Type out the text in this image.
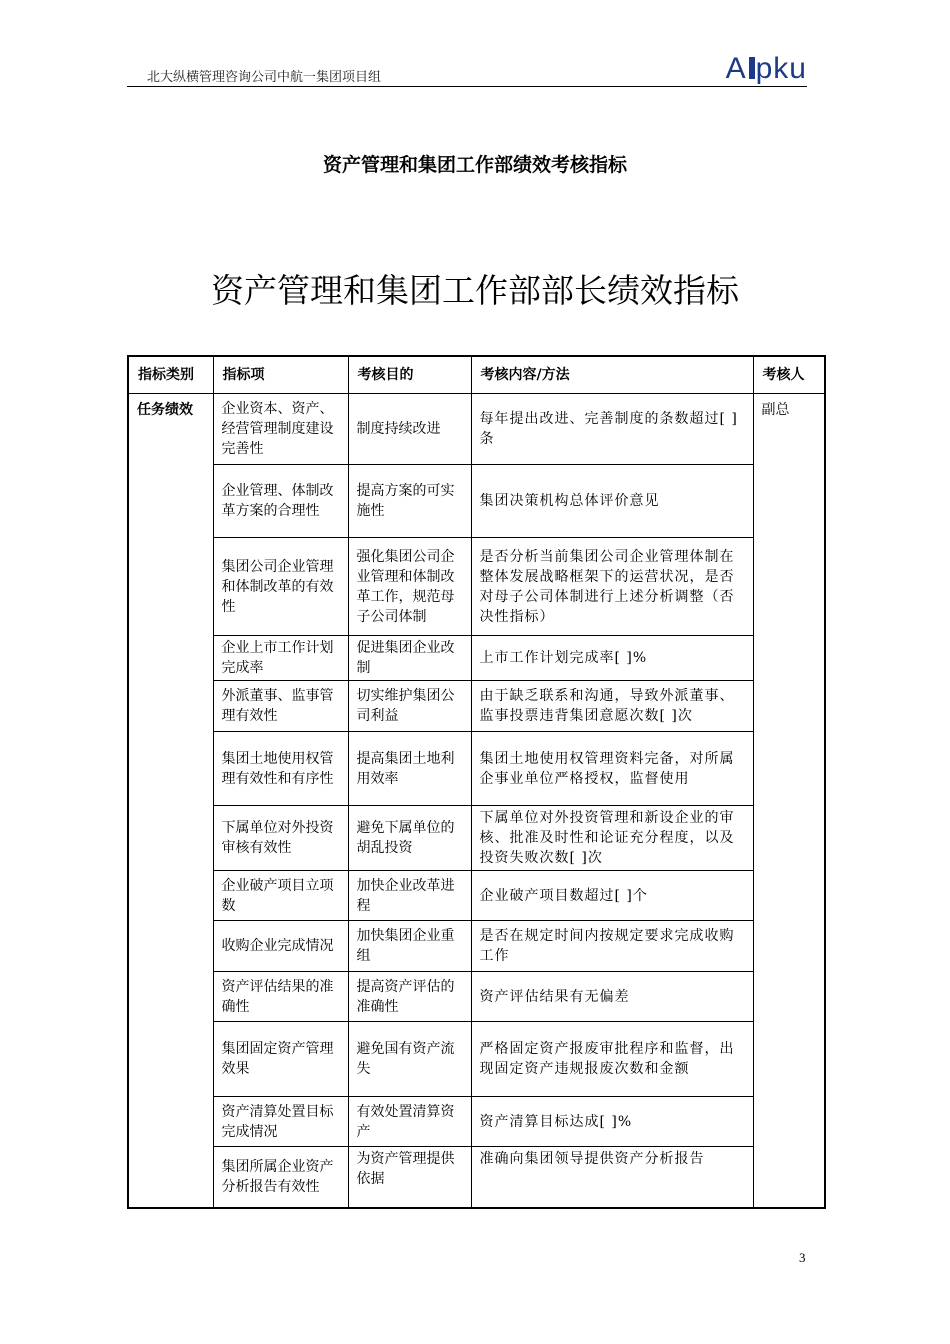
北大纵横管理咨询公司中航一集团项目组	A pku
资产管理和集团工作部绩效考核指标
资产管理和集团工作部部长绩效指标
指标类别	指标项	考核目的	考核内容/方法	考核人
任务绩效	企业资本、资产、经营管理制度建设完善性	制度持续改进	每年提出改进、完善制度的条数超过[ ]条	副总
	企业管理、体制改革方案的合理性	提高方案的可实施性	集团决策机构总体评价意见	
	集团公司企业管理和体制改革的有效性	强化集团公司企业管理和体制改革工作，规范母子公司体制	是否分析当前集团公司企业管理体制在整体发展战略框架下的运营状况，是否对母子公司体制进行上述分析调整（否决性指标）	
	企业上市工作计划完成率	促进集团企业改制	上市工作计划完成率[ ]%	
	外派董事、监事管理有效性	切实维护集团公司利益	由于缺乏联系和沟通，导致外派董事、监事投票违背集团意愿次数[ ]次	
	集团土地使用权管理有效性和有序性	提高集团土地利用效率	集团土地使用权管理资料完备，对所属企事业单位严格授权，监督使用	
	下属单位对外投资审核有效性	避免下属单位的胡乱投资	下属单位对外投资管理和新设企业的审核、批准及时性和论证充分程度，以及投资失败次数[ ]次	
	企业破产项目立项数	加快企业改革进程	企业破产项目数超过[ ]个	
	收购企业完成情况	加快集团企业重组	是否在规定时间内按规定要求完成收购工作	
	资产评估结果的准确性	提高资产评估的准确性	资产评估结果有无偏差	
	集团固定资产管理效果	避免国有资产流失	严格固定资产报废审批程序和监督，出现固定资产违规报废次数和金额	
	资产清算处置目标完成情况	有效处置清算资产	资产清算目标达成[ ]%	
	集团所属企业资产分析报告有效性	为资产管理提供依据	准确向集团领导提供资产分析报告	
3
